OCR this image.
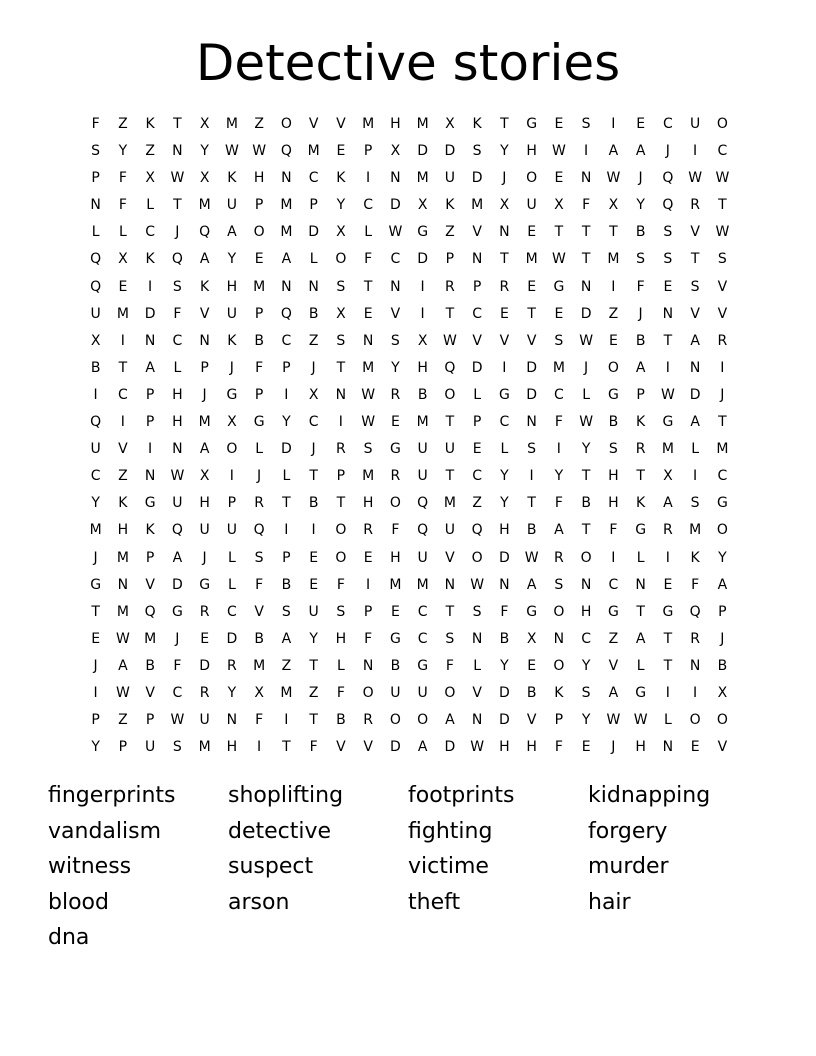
Detective stories
F	Z	K	T	X	M	Z	O	V	V	M	H	M	X	K	T	G	E	S	I	E	C	U	O
S	Y	Z	N	Y	W W	Q	M	E	P	X	D	D	S	Y	H	W	I	A	A	J	I	C
P	F	X	W	X	K	H	N	C	K	I	N	M	U	D	J	O	E	N	W	J	Q	W W
N	F	L	T	M	U	P	M	P	Y	C	D	X	K	M	X	U	X	F	X	Y	Q	R	T
L	L	C	J	Q	A	O	M	D	X	L	W	G	Z	V	N	E	T	T	T	B	S	V	W
Q	X	K	Q	A	Y	E	A	L	O	F	C	D	P	N	T	M	W	T	M	S	S	T	S
Q	E	I	S	K	H	M	N	N	S	T	N	I	R	P	R	E	G	N	I	F	E	S	V
U	M	D	F	V	U	P	Q	B	X	E	V	I	T	C	E	T	E	D	Z	J	N	V	V
X	I	N	C	N	K	B	C	Z	S	N	S	X	W	V	V	V	S	W	E	B	T	A	R
B	T	A	L	P	J	F	P	J	T	M	Y	H	Q	D	I	D	M	J	O	A	I	N	I
I	C	P	H	J	G	P	I	X	N	W	R	B	O	L	G	D	C	L	G	P	W	D	J
Q	I	P	H	M	X	G	Y	C	I	W	E	M	T	P	C	N	F	W	B	K	G	A	T
U	V	I	N	A	O	L	D	J	R	S	G	U	U	E	L	S	I	Y	S	R	M	L	M
C	Z	N	W	X	I	J	L	T	P	M	R	U	T	C	Y	I	Y	T	H	T	X	I	C
Y	K	G	U	H	P	R	T	B	T	H	O	Q	M	Z	Y	T	F	B	H	K	A	S	G
M	H	K	Q	U	U	Q	I	I	O	R	F	Q	U	Q	H	B	A	T	F	G	R	M	O
J	M	P	A	J	L	S	P	E	O	E	H	U	V	O	D	W	R	O	I	L	I	K	Y
G	N	V	D	G	L	F	B	E	F	I	M	M	N	W	N	A	S	N	C	N	E	F	A
T	M	Q	G	R	C	V	S	U	S	P	E	C	T	S	F	G	O	H	G	T	G	Q	P
E	W	M	J	E	D	B	A	Y	H	F	G	C	S	N	B	X	N	C	Z	A	T	R	J
J	A	B	F	D	R	M	Z	T	L	N	B	G	F	L	Y	E	O	Y	V	L	T	N	B
I	W	V	C	R	Y	X	M	Z	F	O	U	U	O	V	D	B	K	S	A	G	I	I	X
P	Z	P	W	U	N	F	I	T	B	R	O	O	A	N	D	V	P	Y	W W	L	O	O
Y	P	U	S	M	H	I	T	F	V	V	D	A	D	W	H	H	F	E	J	H	N	E	V
fingerprints	shoplifting	footprints	kidnapping
vandalism	detective	fighting	forgery
witness	suspect	victime	murder
blood	arson	theft	hair
dna
